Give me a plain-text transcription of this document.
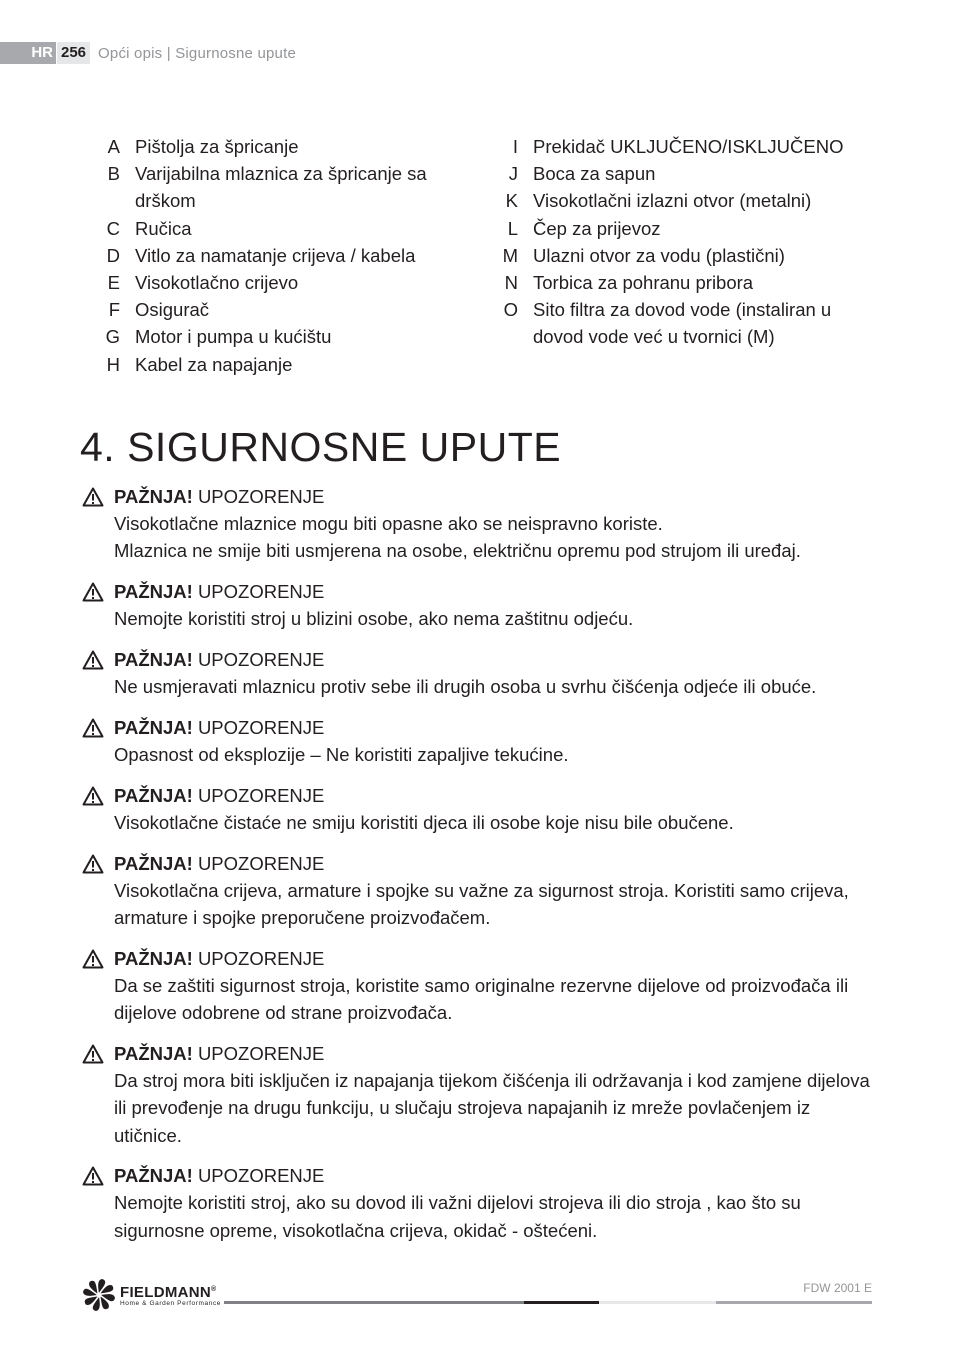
HR 256 Opći opis | Sigurnosne upute
A Pištolja za špricanje
B Varijabilna mlaznica za špricanje sa
drškom
C Ručica
D Vitlo za namatanje crijeva / kabela
E Visokotlačno crijevo
F Osigurač
G Motor i pumpa u kućištu
H Kabel za napajanje
I Prekidač UKLJUČENO/ISKLJUČENO
J Boca za sapun
K Visokotlačni izlazni otvor (metalni)
L Čep za prijevoz
M Ulazni otvor za vodu (plastični)
N Torbica za pohranu pribora
O Sito filtra za dovod vode (instaliran u
dovod vode već u tvornici (M)
4. SIGURNOSNE UPUTE
PAŽNJA! UPOZORENJE
Visokotlačne mlaznice mogu biti opasne ako se neispravno koriste.
Mlaznica ne smije biti usmjerena na osobe, električnu opremu pod strujom ili uređaj.
PAŽNJA! UPOZORENJE
Nemojte koristiti stroj u blizini osobe, ako nema zaštitnu odjeću.
PAŽNJA! UPOZORENJE
Ne usmjeravati mlaznicu protiv sebe ili drugih osoba u svrhu čišćenja odjeće ili obuće.
PAŽNJA! UPOZORENJE
Opasnost od eksplozije – Ne koristiti zapaljive tekućine.
PAŽNJA! UPOZORENJE
Visokotlačne čistaće ne smiju koristiti djeca ili osobe koje nisu bile obučene.
PAŽNJA! UPOZORENJE
Visokotlačna crijeva, armature i spojke su važne za sigurnost stroja. Koristiti samo crijeva,
armature i spojke preporučene proizvođačem.
PAŽNJA! UPOZORENJE
Da se zaštiti sigurnost stroja, koristite samo originalne rezervne dijelove od proizvođača ili
dijelove odobrene od strane proizvođača.
PAŽNJA! UPOZORENJE
Da stroj mora biti isključen iz napajanja tijekom čišćenja ili održavanja i kod zamjene dijelova
ili prevođenje na drugu funkciju, u slučaju strojeva napajanih iz mreže povlačenjem iz
utičnice.
PAŽNJA! UPOZORENJE
Nemojte koristiti stroj, ako su dovod ili važni dijelovi strojeva ili dio stroja , kao što su
sigurnosne opreme, visokotlačna crijeva, okidač - oštećeni.
FIELDMANN®
Home & Garden Performance
FDW 2001 E
